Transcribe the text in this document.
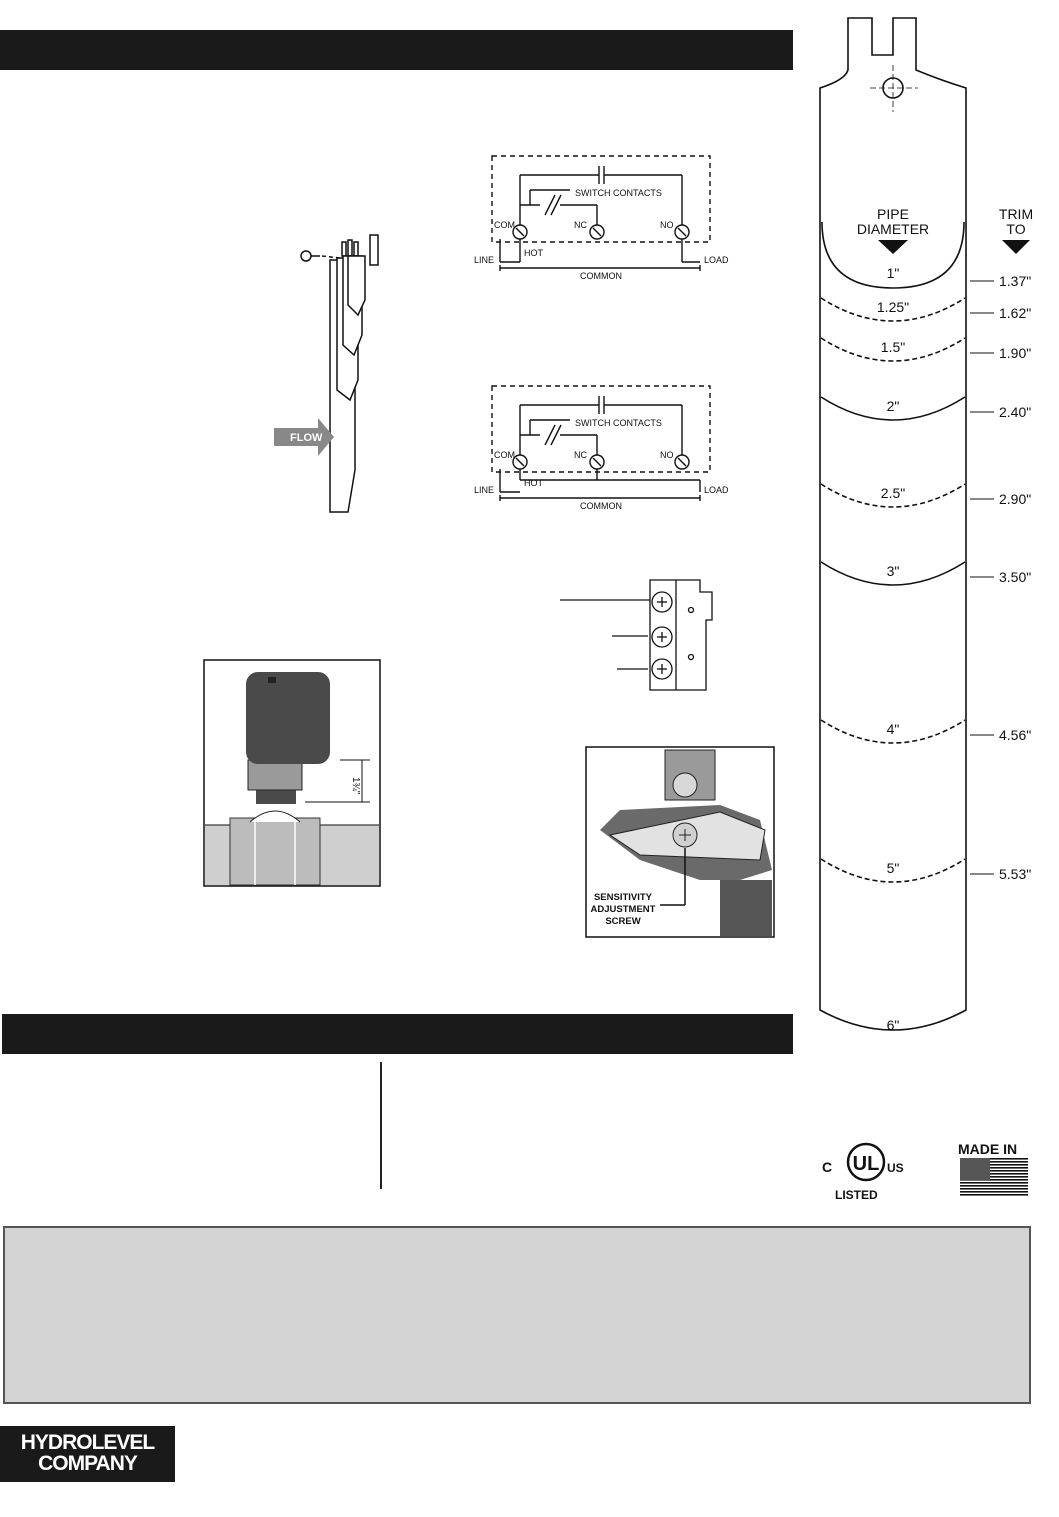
HYDROLEVEL
COMPANY
FLOW
SWITCH CONTACTS
COM	NC	NO
LINE
HOT
LOAD
COMMON
SWITCH CONTACTS
COM	NC	NO
LINE
HOT
LOAD
COMMON
1¾"
SENSITIVITY
ADJUSTMENT
SCREW
PIPE
DIAMETER
TRIM
TO
1"	1.37"
1.25"	1.62"
1.5"	1.90"
2"	2.40"
2.5"	2.90"
3"	3.50"
4"	4.56"
5"	5.53"
6"
UL
C	US
LISTED
MADE IN
